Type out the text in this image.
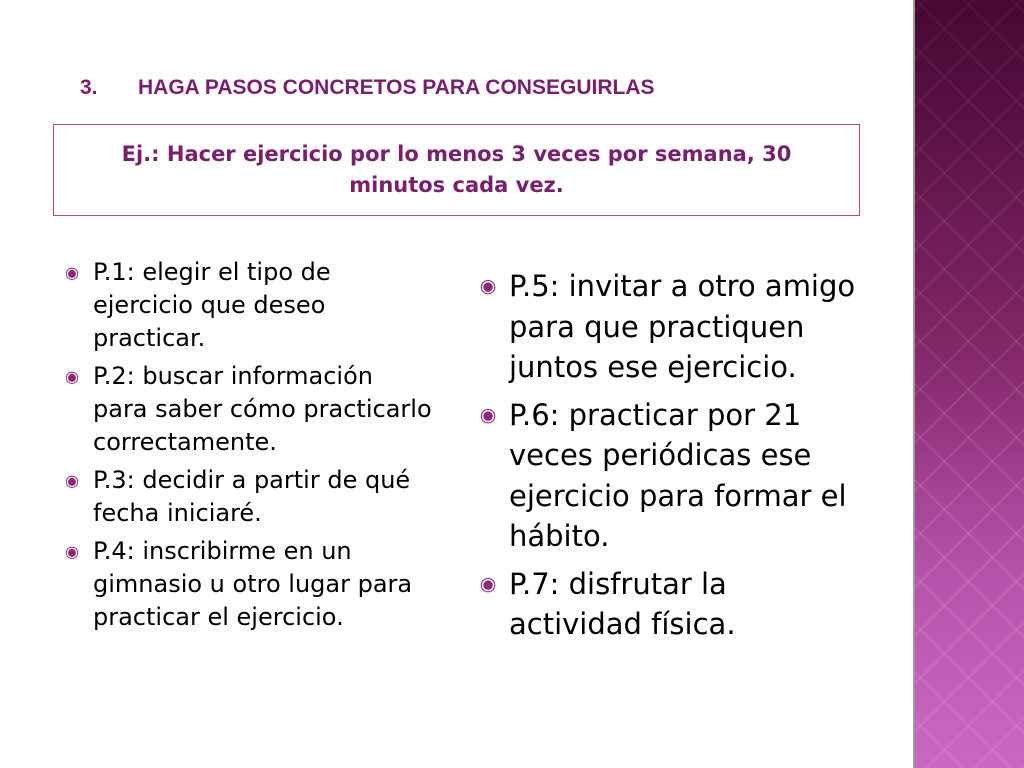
3. HAGA PASOS CONCRETOS PARA CONSEGUIRLAS
Ej.: Hacer ejercicio por lo menos 3 veces por semana, 30 minutos cada vez.
◉ P.1: elegir el tipo de ejercicio que deseo practicar.
◉ P.2: buscar información para saber cómo practicarlo correctamente.
◉ P.3: decidir a partir de qué fecha iniciaré.
◉ P.4: inscribirme en un gimnasio u otro lugar para practicar el ejercicio.
◉ P.5: invitar a otro amigo para que practiquen juntos ese ejercicio.
◉ P.6: practicar por 21 veces periódicas ese ejercicio para formar el hábito.
◉ P.7: disfrutar la actividad física.
